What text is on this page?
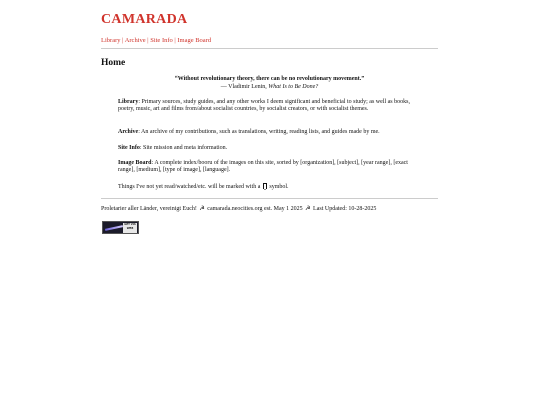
CAMARADA
Library | Archive | Site Info | Image Board
Home
“Without revolutionary theory, there can be no revolutionary movement.”
— Vladimir Lenin, What Is to Be Done?
Library: Primary sources, study guides, and any other works I deem significant and beneficial to study; as well as books, poetry, music, art and films from/about socialist countries, by socialist creators, or with socialist themes.
Archive: An archive of my contributions, such as translations, writing, reading lists, and guides made by me.
Site Info: Site mission and meta information.
Image Board: A complete index/booru of the images on this site, sorted by [organization], [subject], [year range], [exact range], [medium], [type of image], [language].
Things I've not yet read/watched/etc. will be marked with a  symbol.
Proletarier aller Länder, vereinigt Euch! ☭ camarada.neocities.org est. May 1 2025 ☭ Last Updated: 10-28-2025
GET VIA WEB
